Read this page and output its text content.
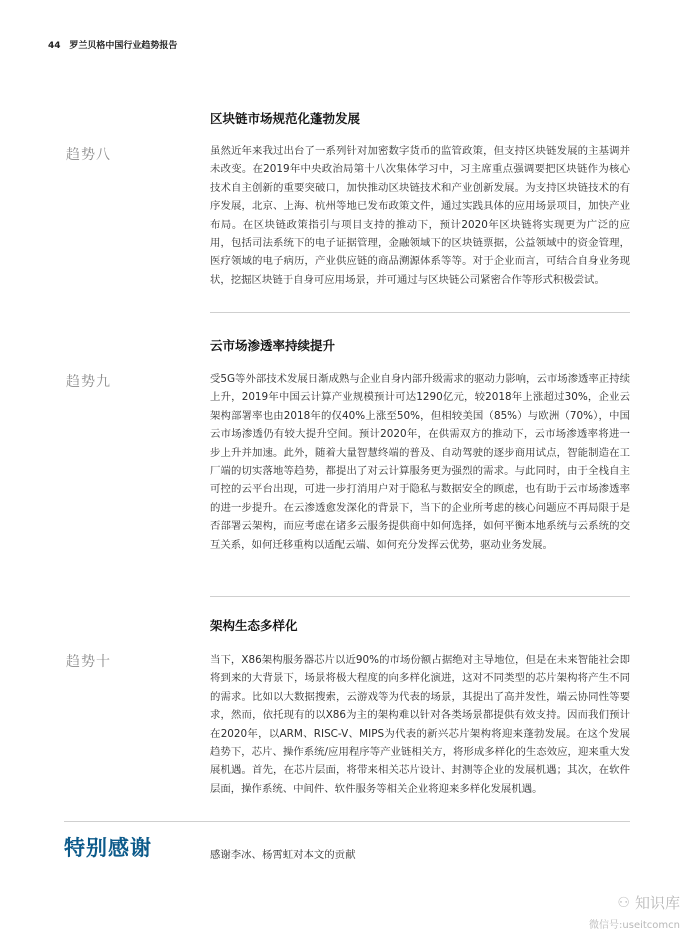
44 罗兰贝格中国行业趋势报告
区块链市场规范化蓬勃发展
趋势八	虽然近年来我过出台了一系列针对加密数字货币的监管政策，但支持区块链发展的主基调并未改变。在2019年中央政治局第十八次集体学习中，习主席重点强调要把区块链作为核心技术自主创新的重要突破口，加快推动区块链技术和产业创新发展。为支持区块链技术的有序发展，北京、上海、杭州等地已发布政策文件，通过实践具体的应用场景项目，加快产业布局。在区块链政策指引与项目支持的推动下，预计2020年区块链将实现更为广泛的应用，包括司法系统下的电子证据管理，金融领域下的区块链票据，公益领域中的资金管理，医疗领域的电子病历，产业供应链的商品溯源体系等等。对于企业而言，可结合自身业务现状，挖掘区块链于自身可应用场景，并可通过与区块链公司紧密合作等形式积极尝试。

云市场渗透率持续提升
趋势九	受5G等外部技术发展日渐成熟与企业自身内部升级需求的驱动力影响，云市场渗透率正持续上升，2019年中国云计算产业规模预计可达1290亿元，较2018年上涨超过30%，企业云架构部署率也由2018年的仅40%上涨至50%，但相较美国（85%）与欧洲（70%），中国云市场渗透仍有较大提升空间。预计2020年，在供需双方的推动下，云市场渗透率将进一步上升并加速。此外，随着大量智慧终端的普及、自动驾驶的逐步商用试点，智能制造在工厂端的切实落地等趋势，都提出了对云计算服务更为强烈的需求。与此同时，由于全栈自主可控的云平台出现，可进一步打消用户对于隐私与数据安全的顾虑，也有助于云市场渗透率的进一步提升。在云渗透愈发深化的背景下，当下的企业所考虑的核心问题应不再局限于是否部署云架构，而应考虑在诸多云服务提供商中如何选择，如何平衡本地系统与云系统的交互关系，如何迁移重构以适配云端、如何充分发挥云优势，驱动业务发展。

架构生态多样化
趋势十	当下，X86架构服务器芯片以近90%的市场份额占据绝对主导地位，但是在未来智能社会即将到来的大背景下，场景将极大程度的向多样化演进，这对不同类型的芯片架构将产生不同的需求。比如以大数据搜索，云游戏等为代表的场景，其提出了高并发性，端云协同性等要求，然而，依托现有的以X86为主的架构难以针对各类场景都提供有效支持。因而我们预计在2020年，以ARM、RISC-V、MIPS为代表的新兴芯片架构将迎来蓬勃发展。在这个发展趋势下，芯片、操作系统/应用程序等产业链相关方，将形成多样化的生态效应，迎来重大发展机遇。首先，在芯片层面，将带来相关芯片设计、封测等企业的发展机遇；其次，在软件层面，操作系统、中间件、软件服务等相关企业将迎来多样化发展机遇。

特别感谢	感谢李冰、杨霄虹对本文的贡献
⚇ 知识库
微信号:useitcomcn
